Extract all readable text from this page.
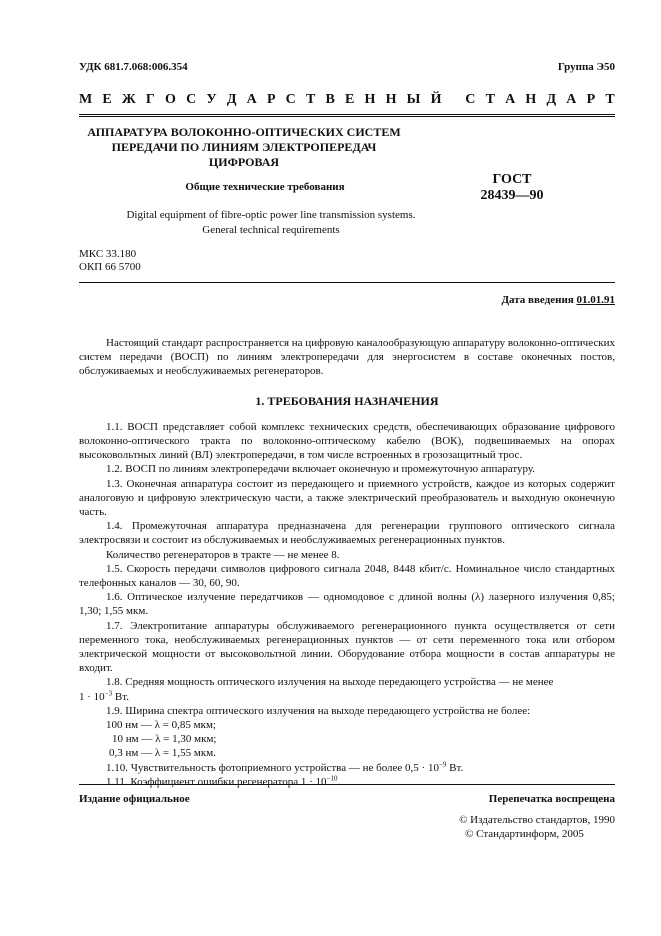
УДК 681.7.068:006.354	Группа Э50
М Е Ж Г О С У Д А Р С Т В Е Н Н Ы Й
С Т А Н Д А Р Т
АППАРАТУРА ВОЛОКОННО-ОПТИЧЕСКИХ СИСТЕМ
ПЕРЕДАЧИ ПО ЛИНИЯМ ЭЛЕКТРОПЕРЕДАЧ
ЦИФРОВАЯ
Общие технические требования	ГОСТ
28439—90
Digital equipment of fibre-optic power line transmission systems.
General technical requirements
МКС 33.180
ОКП 66 5700
Дата введения 01.01.91

Настоящий стандарт распространяется на цифровую каналообразующую аппаратуру волоконно-оптических систем передачи (ВОСП) по линиям электропередачи для энергосистем в составе оконечных постов, обслуживаемых и необслуживаемых регенераторов.

1. ТРЕБОВАНИЯ НАЗНАЧЕНИЯ

1.1. ВОСП представляет собой комплекс технических средств, обеспечивающих образование цифрового волоконно-оптического тракта по волоконно-оптическому кабелю (ВОК), подвешиваемых на опорах высоковольтных линий (ВЛ) электропередачи, в том числе встроенных в грозозащитный трос.

1.2. ВОСП по линиям электропередачи включает оконечную и промежуточную аппаратуру.

1.3. Оконечная аппаратура состоит из передающего и приемного устройств, каждое из которых содержит аналоговую и цифровую электрическую части, а также электрический преобразователь и выходную оконечную часть.

1.4. Промежуточная аппаратура предназначена для регенерации группового оптического сигнала электросвязи и состоит из обслуживаемых и необслуживаемых регенерационных пунктов.

Количество регенераторов в тракте — не менее 8.

1.5. Скорость передачи символов цифрового сигнала 2048, 8448 кбит/с. Номинальное число стандартных телефонных каналов — 30, 60, 90.

1.6. Оптическое излучение передатчиков — одномодовое с длиной волны (λ) лазерного излучения 0,85; 1,30; 1,55 мкм.

1.7. Электропитание аппаратуры обслуживаемого регенерационного пункта осуществляется от сети переменного тока, необслуживаемых регенерационных пунктов — от сети переменного тока или отбором электрической мощности от высоковольтной линии. Оборудование отбора мощности в состав аппаратуры не входит.

1.8. Средняя мощность оптического излучения на выходе передающего устройства — не менее

$1 \cdot 10^{-3}$ Вт.

1.9. Ширина спектра оптического излучения на выходе передающего устройства не более:

100 нм — λ = 0,85 мкм;

10 нм — λ = 1,30 мкм;

0,3 нм — λ = 1,55 мкм.

1.10. Чувствительность фотоприемного устройства — не более $0,5 \cdot 10^{-9}$ Вт.

1.11. Коэффициент ошибки регенератора $1 \cdot 10^{-10}$.

Издание официальное	Перепечатка воспрещена
© Издательство стандартов, 1990
© Стандартинформ, 2005
